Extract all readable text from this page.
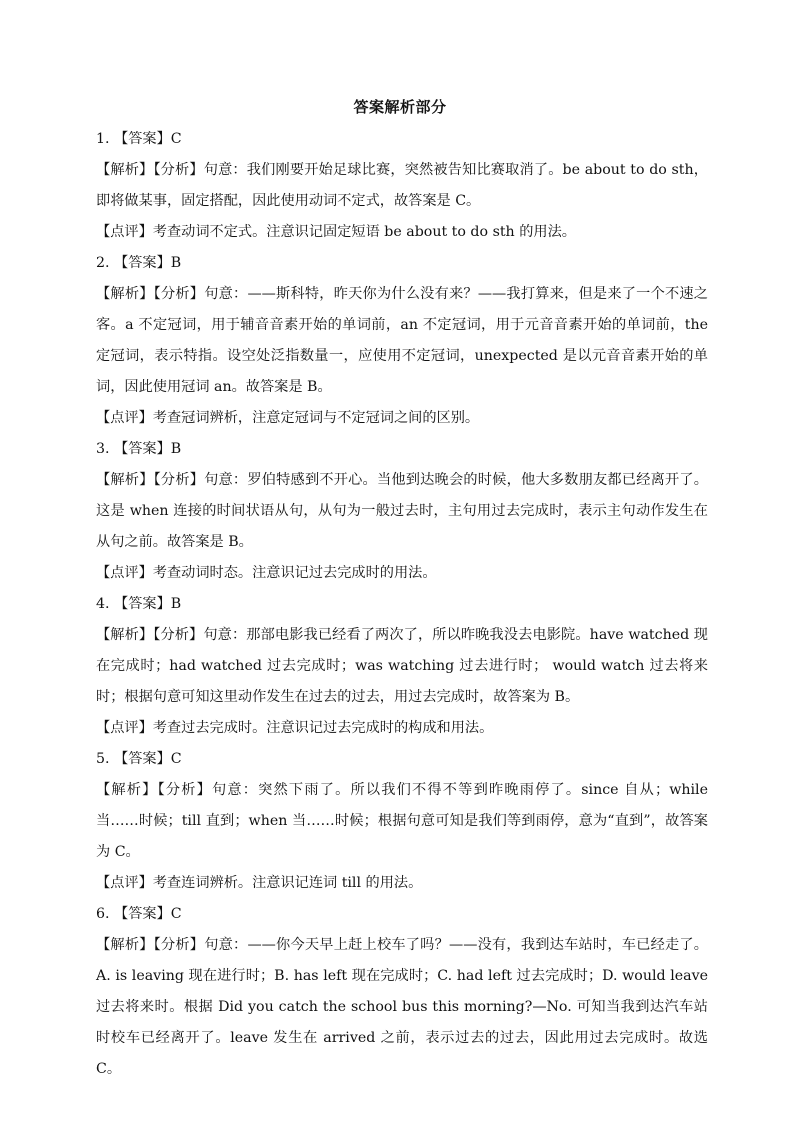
答案解析部分

1. 【答案】C

【解析】【分析】句意：我们刚要开始足球比赛，突然被告知比赛取消了。be about to do sth，即将做某事，固定搭配，因此使用动词不定式，故答案是 C。

【点评】考查动词不定式。注意识记固定短语 be about to do sth 的用法。

2. 【答案】B

【解析】【分析】句意：——斯科特，昨天你为什么没有来？——我打算来，但是来了一个不速之客。a 不定冠词，用于辅音音素开始的单词前，an 不定冠词，用于元音音素开始的单词前，the 定冠词，表示特指。设空处泛指数量一，应使用不定冠词，unexpected 是以元音音素开始的单词，因此使用冠词 an。故答案是 B。

【点评】考查冠词辨析，注意定冠词与不定冠词之间的区别。

3. 【答案】B

【解析】【分析】句意：罗伯特感到不开心。当他到达晚会的时候，他大多数朋友都已经离开了。这是 when 连接的时间状语从句，从句为一般过去时，主句用过去完成时，表示主句动作发生在从句之前。故答案是 B。

【点评】考查动词时态。注意识记过去完成时的用法。

4. 【答案】B

【解析】【分析】句意：那部电影我已经看了两次了，所以昨晚我没去电影院。have watched 现在完成时；had watched 过去完成时；was watching 过去进行时； would watch 过去将来时；根据句意可知这里动作发生在过去的过去，用过去完成时，故答案为 B。

【点评】考查过去完成时。注意识记过去完成时的构成和用法。

5. 【答案】C

【解析】【分析】句意：突然下雨了。所以我们不得不等到昨晚雨停了。since 自从；while 当……时候；till 直到；when 当……时候；根据句意可知是我们等到雨停，意为“直到”，故答案为 C。

【点评】考查连词辨析。注意识记连词 till 的用法。

6. 【答案】C

【解析】【分析】句意：——你今天早上赶上校车了吗？——没有，我到达车站时，车已经走了。A. is leaving 现在进行时；B. has left 现在完成时；C. had left 过去完成时；D. would leave 过去将来时。根据 Did you catch the school bus this morning?—No. 可知当我到达汽车站时校车已经离开了。leave 发生在 arrived 之前，表示过去的过去，因此用过去完成时。故选 C。
